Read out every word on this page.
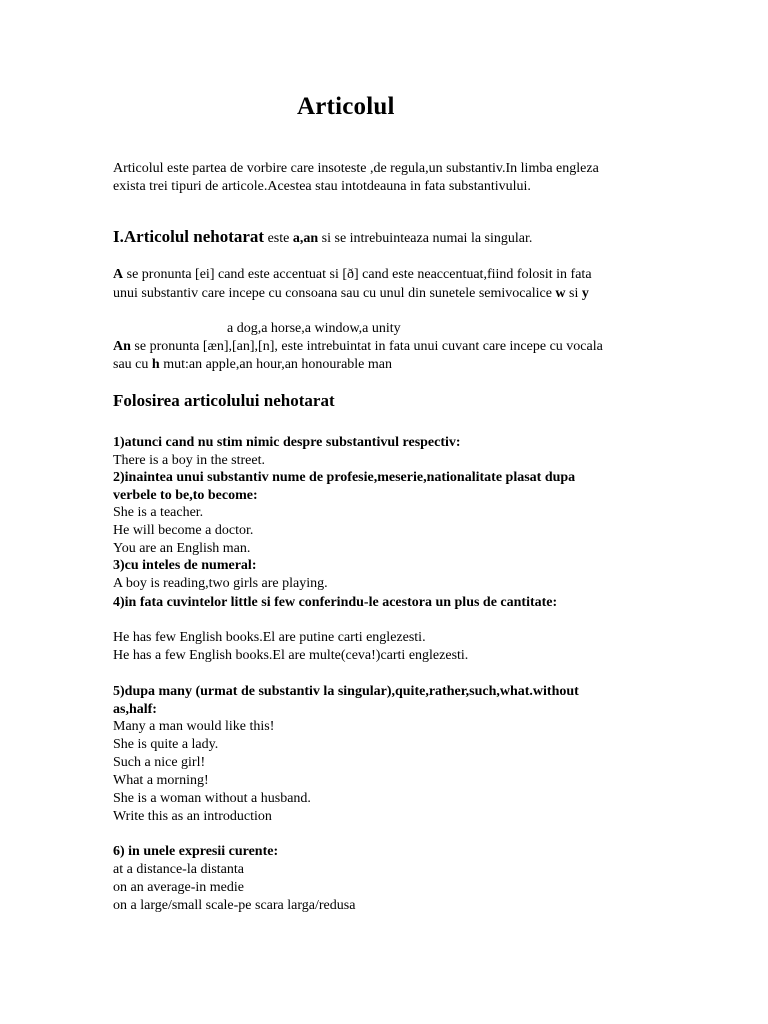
Articolul
Articolul este partea de vorbire care insoteste ,de regula,un substantiv.In limba engleza
exista trei tipuri de articole.Acestea stau intotdeauna in fata substantivului.
I.Articolul nehotarat este a,an si se intrebuinteaza numai la singular.
A se pronunta [ei] cand este accentuat si [ð] cand este neaccentuat,fiind folosit in fata
unui substantiv care incepe cu consoana sau cu unul din sunetele semivocalice w si y
a dog,a horse,a window,a unity
An se pronunta [æn],[an],[n], este intrebuintat in fata unui cuvant care incepe cu vocala
sau cu h mut:an apple,an hour,an honourable man
Folosirea articolului nehotarat
1)atunci cand nu stim nimic despre substantivul respectiv:
There is a boy in the street.
2)inaintea unui substantiv nume de profesie,meserie,nationalitate plasat dupa
verbele to be,to become:
She is a teacher.
He will become a doctor.
You are an English man.
3)cu inteles de numeral:
A boy is reading,two girls are playing.
4)in fata cuvintelor little si few conferindu-le acestora un plus de cantitate:
He has few English books.El are putine carti englezesti.
He has a few English books.El are multe(ceva!)carti englezesti.
5)dupa many (urmat de substantiv la singular),quite,rather,such,what.without
as,half:
Many a man would like this!
She is quite a lady.
Such a nice girl!
What a morning!
She is a woman without a husband.
Write this as an introduction
6) in unele expresii curente:
at a distance-la distanta
on an average-in medie
on a large/small scale-pe scara larga/redusa
